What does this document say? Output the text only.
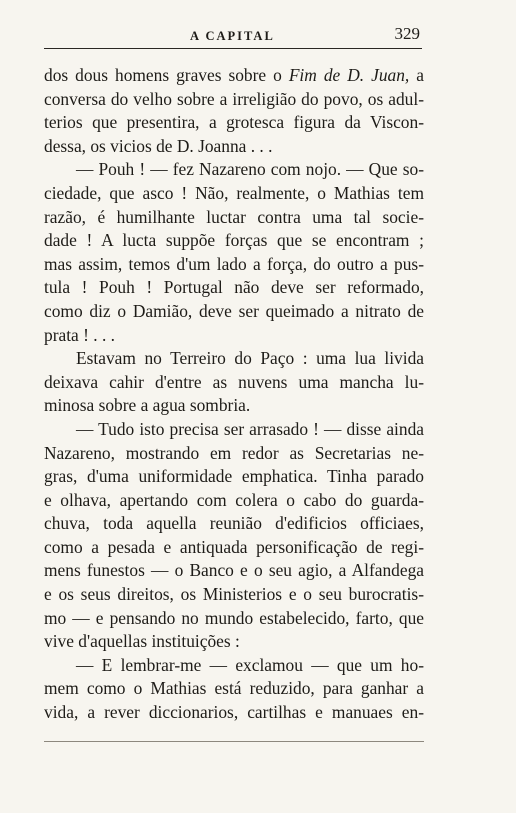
A CAPITAL	329
dos dous homens graves sobre o Fim de D. Juan, a
conversa do velho sobre a irreligião do povo, os adul-
terios que presentira, a grotesca figura da Viscon-
dessa, os vicios de D. Joanna . . .
— Pouh ! — fez Nazareno com nojo. — Que so-
ciedade, que asco ! Não, realmente, o Mathias tem
razão, é humilhante luctar contra uma tal socie-
dade ! A lucta suppõe forças que se encontram ;
mas assim, temos d'um lado a força, do outro a pus-
tula ! Pouh ! Portugal não deve ser reformado,
como diz o Damião, deve ser queimado a nitrato de
prata ! . . .
Estavam no Terreiro do Paço : uma lua livida
deixava cahir d'entre as nuvens uma mancha lu-
minosa sobre a agua sombria.
— Tudo isto precisa ser arrasado ! — disse ainda
Nazareno, mostrando em redor as Secretarias ne-
gras, d'uma uniformidade emphatica. Tinha parado
e olhava, apertando com colera o cabo do guarda-
chuva, toda aquella reunião d'edificios officiaes,
como a pesada e antiquada personificação de regi-
mens funestos — o Banco e o seu agio, a Alfandega
e os seus direitos, os Ministerios e o seu burocratis-
mo — e pensando no mundo estabelecido, farto, que
vive d'aquellas instituições :
— E lembrar-me — exclamou — que um ho-
mem como o Mathias está reduzido, para ganhar a
vida, a rever diccionarios, cartilhas e manuaes en-
